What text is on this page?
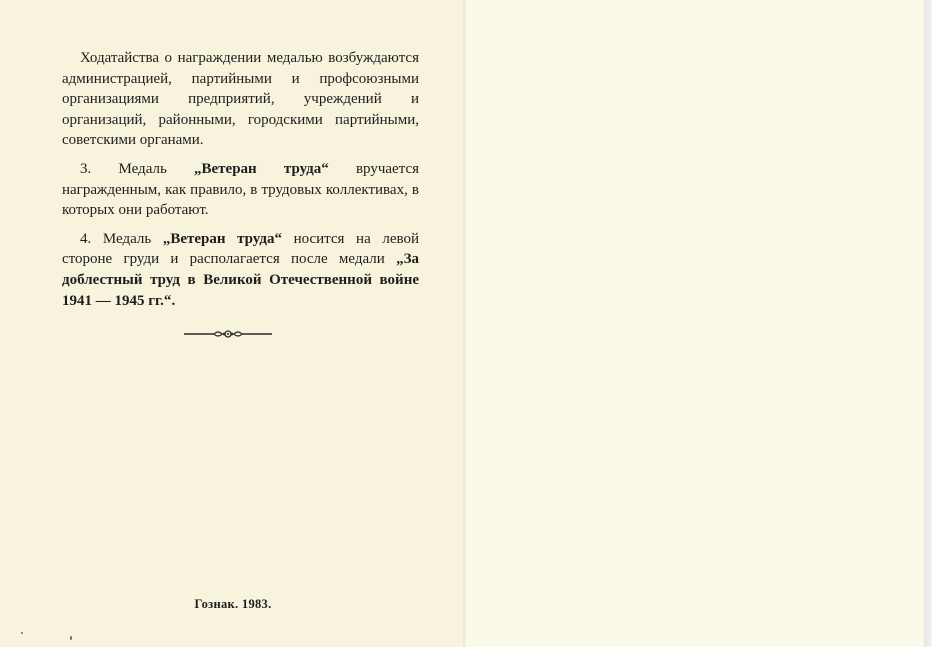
Ходатайства о награждении медалью возбуждаются администрацией, партийными и профсоюзными организациями предприятий, учреждений и организаций, районными, городскими партийными, советскими органами.

3. Медаль „Ветеран труда“ вручается награжденным, как правило, в трудовых коллективах, в которых они работают.

4. Медаль „Ветеран труда“ носится на левой стороне груди и располагается после медали „За доблестный труд в Великой Отечественной войне 1941 — 1945 гг.“.

Гознак. 1983.
